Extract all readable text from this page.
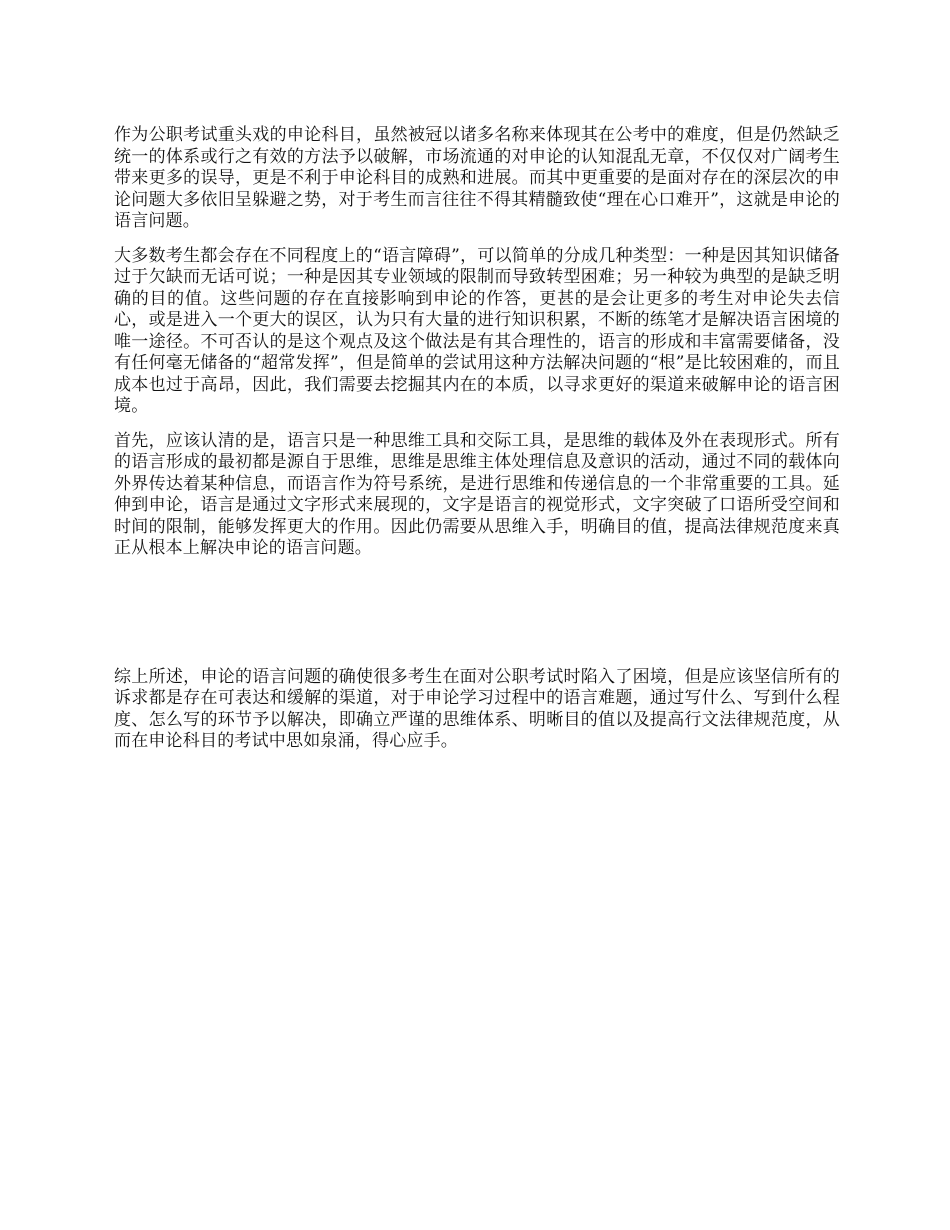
作为公职考试重头戏的申论科目，虽然被冠以诸多名称来体现其在公考中的难度，但是仍然缺乏统一的体系或行之有效的方法予以破解，市场流通的对申论的认知混乱无章，不仅仅对广阔考生带来更多的误导，更是不利于申论科目的成熟和进展。而其中更重要的是面对存在的深层次的申论问题大多依旧呈躲避之势，对于考生而言往往不得其精髓致使“理在心口难开”，这就是申论的语言问题。

大多数考生都会存在不同程度上的“语言障碍”，可以简单的分成几种类型：一种是因其知识储备过于欠缺而无话可说；一种是因其专业领域的限制而导致转型困难；另一种较为典型的是缺乏明确的目的值。这些问题的存在直接影响到申论的作答，更甚的是会让更多的考生对申论失去信心，或是进入一个更大的误区，认为只有大量的进行知识积累，不断的练笔才是解决语言困境的唯一途径。不可否认的是这个观点及这个做法是有其合理性的，语言的形成和丰富需要储备，没有任何毫无储备的“超常发挥”，但是简单的尝试用这种方法解决问题的“根”是比较困难的，而且成本也过于高昂，因此，我们需要去挖掘其内在的本质，以寻求更好的渠道来破解申论的语言困境。

首先，应该认清的是，语言只是一种思维工具和交际工具，是思维的载体及外在表现形式。所有的语言形成的最初都是源自于思维，思维是思维主体处理信息及意识的活动，通过不同的载体向外界传达着某种信息，而语言作为符号系统，是进行思维和传递信息的一个非常重要的工具。延伸到申论，语言是通过文字形式来展现的，文字是语言的视觉形式，文字突破了口语所受空间和时间的限制，能够发挥更大的作用。因此仍需要从思维入手，明确目的值，提高法律规范度来真正从根本上解决申论的语言问题。

综上所述，申论的语言问题的确使很多考生在面对公职考试时陷入了困境，但是应该坚信所有的诉求都是存在可表达和缓解的渠道，对于申论学习过程中的语言难题，通过写什么、写到什么程度、怎么写的环节予以解决，即确立严谨的思维体系、明晰目的值以及提高行文法律规范度，从而在申论科目的考试中思如泉涌，得心应手。
